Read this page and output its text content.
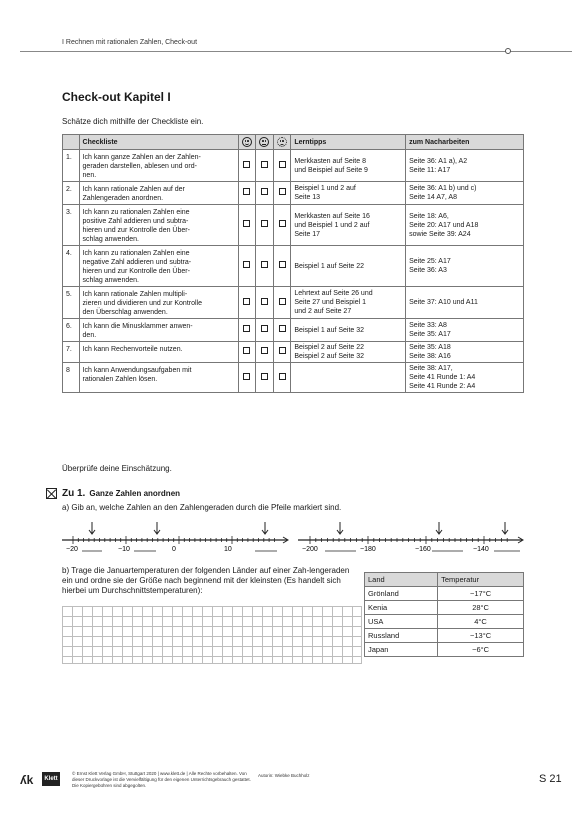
I Rechnen mit rationalen Zahlen, Check-out
Check-out Kapitel I
Schätze dich mithilfe der Checkliste ein.
	Checkliste				Lerntipps	zum Nacharbeiten
1.	Ich kann ganze Zahlen an der Zahlen-
geraden darstellen, ablesen und ord-
nen.				Merkkasten auf Seite 8
und Beispiel auf Seite 9	Seite 36: A1 a), A2
Seite 11: A17

2.	Ich kann rationale Zahlen auf der
Zahlengeraden anordnen.				Beispiel 1 und 2 auf
Seite 13	Seite 36: A1 b) und c)
Seite 14 A7, A8

3.	Ich kann zu rationalen Zahlen eine
positive Zahl addieren und subtra-
hieren und zur Kontrolle den Über-
schlag anwenden.				Merkkasten auf Seite 16
und Beispiel 1 und 2 auf
Seite 17	Seite 18: A6,
Seite 20: A17 und A18
sowie Seite 39: A24

4.	Ich kann zu rationalen Zahlen eine
negative Zahl addieren und subtra-
hieren und zur Kontrolle den Über-
schlag anwenden.				Beispiel 1 auf Seite 22	Seite 25: A17
Seite 36: A3

5.	Ich kann rationale Zahlen multipli-
zieren und dividieren und zur Kontrolle
den Überschlag anwenden.				Lehrtext auf Seite 26 und
Seite 27 und Beispiel 1
und 2 auf Seite 27	Seite 37: A10 und A11

6.	Ich kann die Minusklammer anwen-
den.				Beispiel 1 auf Seite 32	Seite 33: A8
Seite 35: A17

7.	Ich kann Rechenvorteile nutzen.				Beispiel 2 auf Seite 22
Beispiel 2 auf Seite 32	Seite 35: A18
Seite 38: A16

8	Ich kann Anwendungsaufgaben mit
rationalen Zahlen lösen.					Seite 38: A17,
Seite 41 Runde 1: A4
Seite 41 Runde 2: A4
Überprüfe deine Einschätzung.
Zu 1. Ganze Zahlen anordnen
a) Gib an, welche Zahlen an den Zahlengeraden durch die Pfeile markiert sind.
−20	−10	0	10	−200	−180	−160	−140
b) Trage die Januartemperaturen der folgenden Länder auf einer Zah-lengeraden ein und ordne sie der Größe nach beginnend mit der kleinsten (Es handelt sich hierbei um Durchschnittstemperaturen):
Land	Temperatur
Grönland	−17°C
Kenia	28°C
USA	4°C
Russland	−13°C
Japan	−6°C
ʎk	Klett
© Ernst Klett Verlag GmbH, Stuttgart 2020 | www.klett.de | Alle Rechte vorbehalten. Von dieser Druckvorlage ist die Vervielfältigung für den eigenen Unterrichtsgebrauch gestattet. Die Kopiergebühren sind abgegolten.
Autorin: Wiebke Buchholz	S 21
